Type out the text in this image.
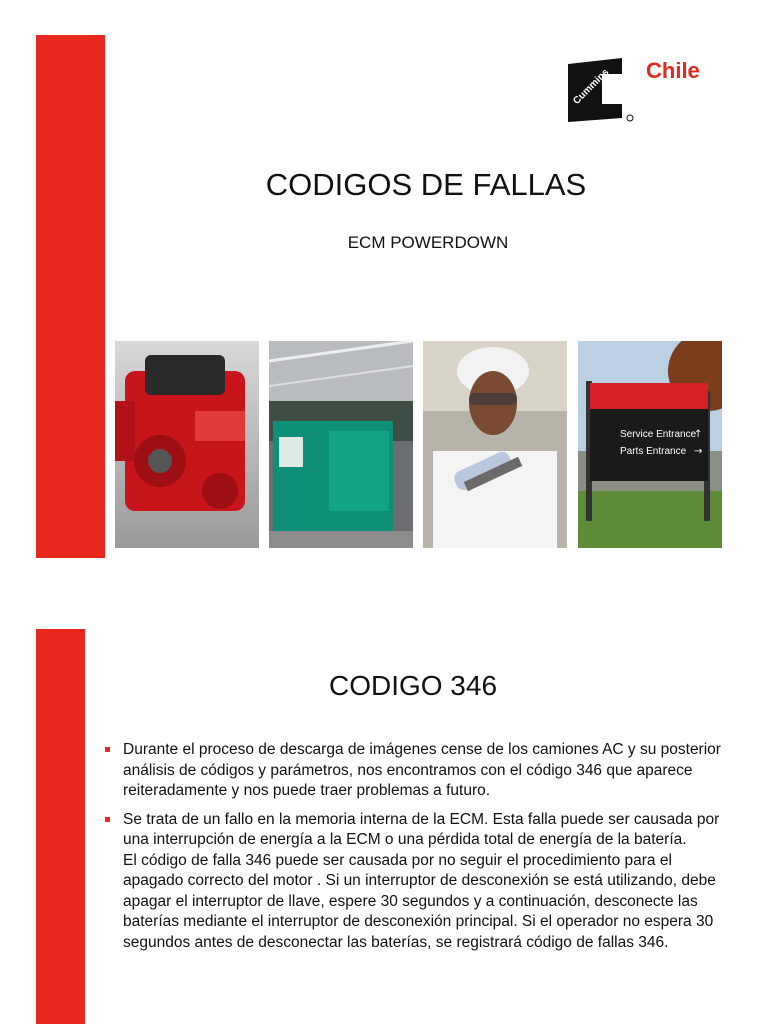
Cummins Chile
CODIGOS DE FALLAS
ECM POWERDOWN
Service Entrance
Parts Entrance
↑
→
CODIGO 346
Durante el proceso de descarga de imágenes cense de los camiones AC y su posterior análisis de códigos y parámetros, nos encontramos con el código 346 que aparece reiteradamente y nos puede traer problemas a futuro.
Se trata de un fallo en la memoria interna de la ECM. Esta falla puede ser causada por una interrupción de energía a la ECM o una pérdida total de energía de la batería.
El código de falla 346 puede ser causada por no seguir el procedimiento para el apagado correcto del motor . Si un interruptor de desconexión se está utilizando, debe apagar el interruptor de llave, espere 30 segundos y a continuación, desconecte las baterías mediante el interruptor de desconexión principal. Si el operador no espera 30 segundos antes de desconectar las baterías, se registrará código de fallas 346.
